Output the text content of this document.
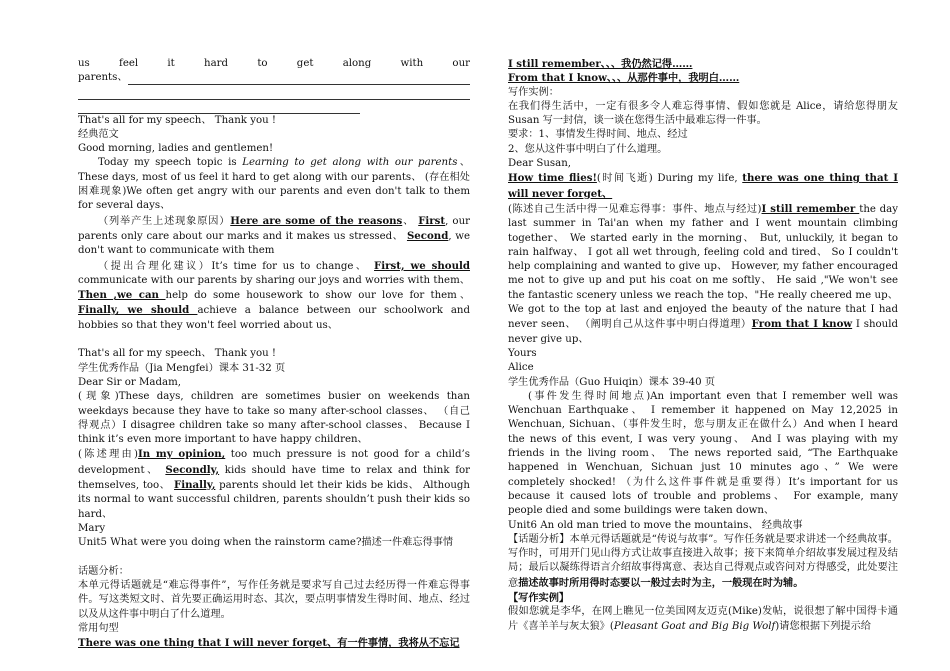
us feel it hard to get along with our

parents、

That's all for my speech、 Thank you !

经典范文

Good morning, ladies and gentlemen!

Today my speech topic is Learning to get along with our parents、 These days, most of us feel it hard to get along with our parents、 (存在相处困难现象)We often get angry with our parents and even don't talk to them for several days、

（列举产生上述现象原因）Here are some of the reasons、 First, our parents only care about our marks and it makes us stressed、 Second, we don't want to communicate with them

（提出合理化建议）It’s time for us to change、 First, we should communicate with our parents by sharing our joys and worries with them、 Then ,we can help do some housework to show our love for them、 Finally, we should achieve a balance between our schoolwork and hobbies so that they won't feel worried about us、

That's all for my speech、 Thank you !

学生优秀作品（Jia Mengfei）课本 31-32 页

Dear Sir or Madam,

(现象)These days, children are sometimes busier on weekends than weekdays because they have to take so many after-school classes、 （自己得观点）I disagree children take so many after-school classes、 Because I think it’s even more important to have happy children、

(陈述理由)In my opinion, too much pressure is not good for a child’s development、 Secondly, kids should have time to relax and think for themselves, too、 Finally, parents should let their kids be kids、 Although its normal to want successful children, parents shouldn’t push their kids so hard、

Mary

Unit5 What were you doing when the rainstorm came?描述一件难忘得事情

话题分析：

本单元得话题就是“难忘得事件”，写作任务就是要求写自己过去经历得一件难忘得事件。写这类短文时、首先要正确运用时态、其次，要点明事情发生得时间、地点、经过以及从这件事中明白了什么道理。

常用句型

There was one thing that I will never forget、有一件事情，我将从不忘记

I still remember、、、我仍然记得……

From that I know、、、从那件事中，我明白……

写作实例：

在我们得生活中，一定有很多令人难忘得事情、假如您就是 Alice，请给您得朋友 Susan 写一封信，谈一谈在您得生活中最难忘得一件事。

要求：1、事情发生得时间、地点、经过

2、您从这件事中明白了什么道理。

Dear Susan,

How time flies!(时间飞逝) During my life, there was one thing that I will never forget、

(陈述自己生活中得一见难忘得事：事件、地点与经过)I still remember the day last summer in Tai'an when my father and I went mountain climbing together、 We started early in the morning、 But, unluckily, it began to rain halfway、 I got all wet through, feeling cold and tired、 So I couldn't help complaining and wanted to give up、 However, my father encouraged me not to give up and put his coat on me softly、 He said ,"We won't see the fantastic scenery unless we reach the top、"He really cheered me up、 We got to the top at last and enjoyed the beauty of the nature that I had never seen、 （阐明自己从这件事中明白得道理）From that I know I should never give up、

Yours

Alice

学生优秀作品（Guo Huiqin）课本 39-40 页

(事件发生得时间地点)An important even that I remember well was Wenchuan Earthquake、 I remember it happened on May 12,2025 in Wenchuan, Sichuan、（事件发生时，您与朋友正在做什么）And when I heard the news of this event, I was very young、 And I was playing with my friends in the living room、 The news reported said, “The Earthquake happened in Wenchuan, Sichuan just 10 minutes ago、” We were completely shocked! （为什么这件事件就是重要得）It’s important for us because it caused lots of trouble and problems、 For example, many people died and some buildings were taken down、

Unit6 An old man tried to move the mountains、 经典故事

【话题分析】本单元得话题就是“传说与故事”。写作任务就是要求讲述一个经典故事。写作时，可用开门见山得方式让故事直接进入故事；接下来简单介绍故事发展过程及结局；最后以凝练得语言介绍故事得寓意、表达自己得观点或咨问对方得感受，此处要注意描述故事时所用得时态要以一般过去时为主，一般现在时为辅。

【写作实例】

假如您就是李华，在网上瞧见一位美国网友迈克(Mike)发帖，说很想了解中国得卡通片《喜羊羊与灰太狼》(Pleasant Goat and Big Big Wolf)请您根据下列提示给
